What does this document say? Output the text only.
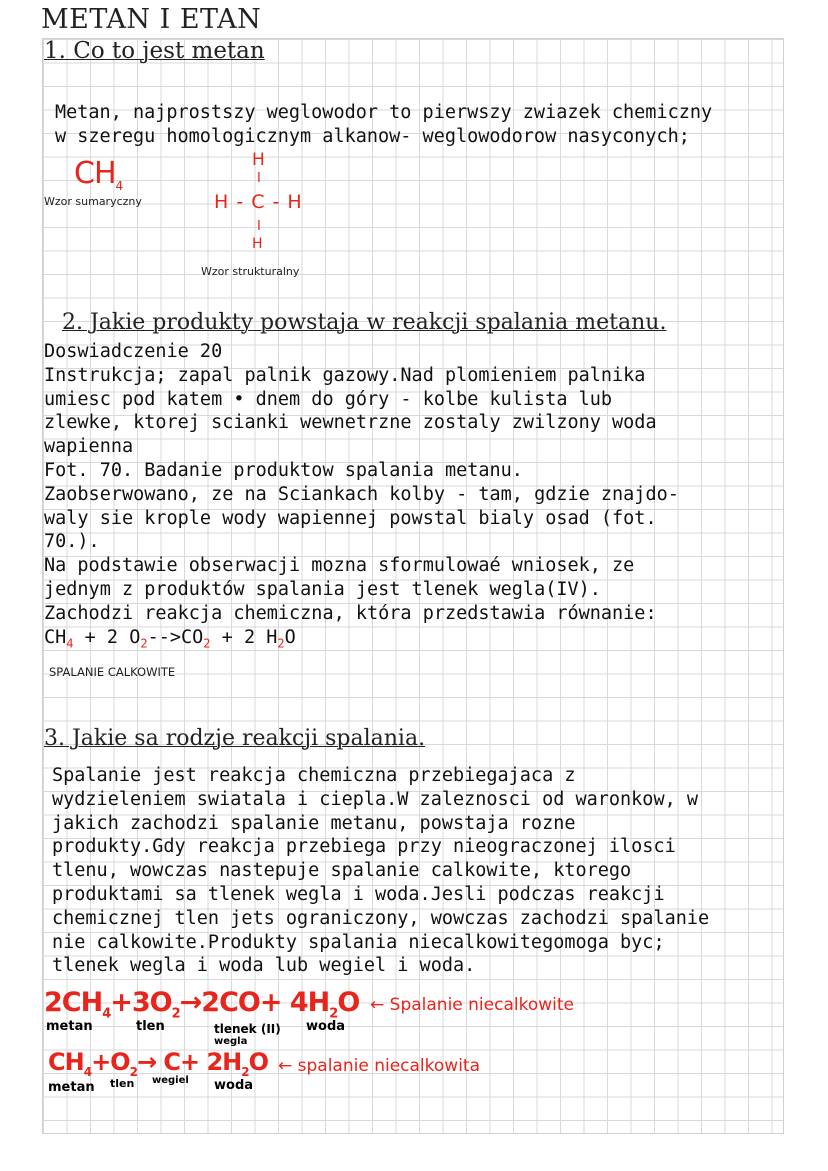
METAN I ETAN
1. Co to jest metan
Metan, najprostszy weglowodor to pierwszy zwiazek chemiczny
w szeregu homologicznym alkanow- weglowodorow nasyconych;
$CH_4$
Wzor sumaryczny
H
I
H - C - H
I
H
Wzor strukturalny
2. Jakie produkty powstaja w reakcji spalania metanu.
Doswiadczenie 20
Instrukcja; zapal palnik gazowy.Nad plomieniem palnika
umiesc pod katem • dnem do góry - kolbe kulista lub
zlewke, ktorej scianki wewnetrzne zostaly zwilzony woda
wapienna
Fot. 70. Badanie produktow spalania metanu.
Zaobserwowano, ze na Sciankach kolby - tam, gdzie znajdo-
waly sie krople wody wapiennej powstal bialy osad (fot.
70.).
Na podstawie obserwacji mozna sformulowaé wniosek, ze
jednym z produktów spalania jest tlenek wegla(IV).
Zachodzi reakcja chemiczna, która przedstawia równanie:
$CH_4 + 2$ $O_2-->CO_2 + 2$ $H_2O$
SPALANIE CALKOWITE
3. Jakie sa rodzje reakcji spalania.
Spalanie jest reakcja chemiczna przebiegajaca z
wydzieleniem swiatala i ciepla.W zaleznosci od waronkow, w
jakich zachodzi spalanie metanu, powstaja rozne
produkty.Gdy reakcja przebiega przy nieograczonej ilosci
tlenu, wowczas nastepuje spalanie calkowite, ktorego
produktami sa tlenek wegla i woda.Jesli podczas reakcji
chemicznej tlen jets ograniczony, wowczas zachodzi spalanie
nie calkowite.Produkty spalania niecalkowitegomoga byc;
tlenek wegla i woda lub wegiel i woda.
$2CH_4+3O_2\to 2CO+ 4H_2O$ ← Spalanie niecalkowite
metan	tlen	tlenek (II)
wegla
woda
$CH_4+O_2\to C+ 2H_2O$ ← spalanie niecalkowita
metan tlen wegiel woda
